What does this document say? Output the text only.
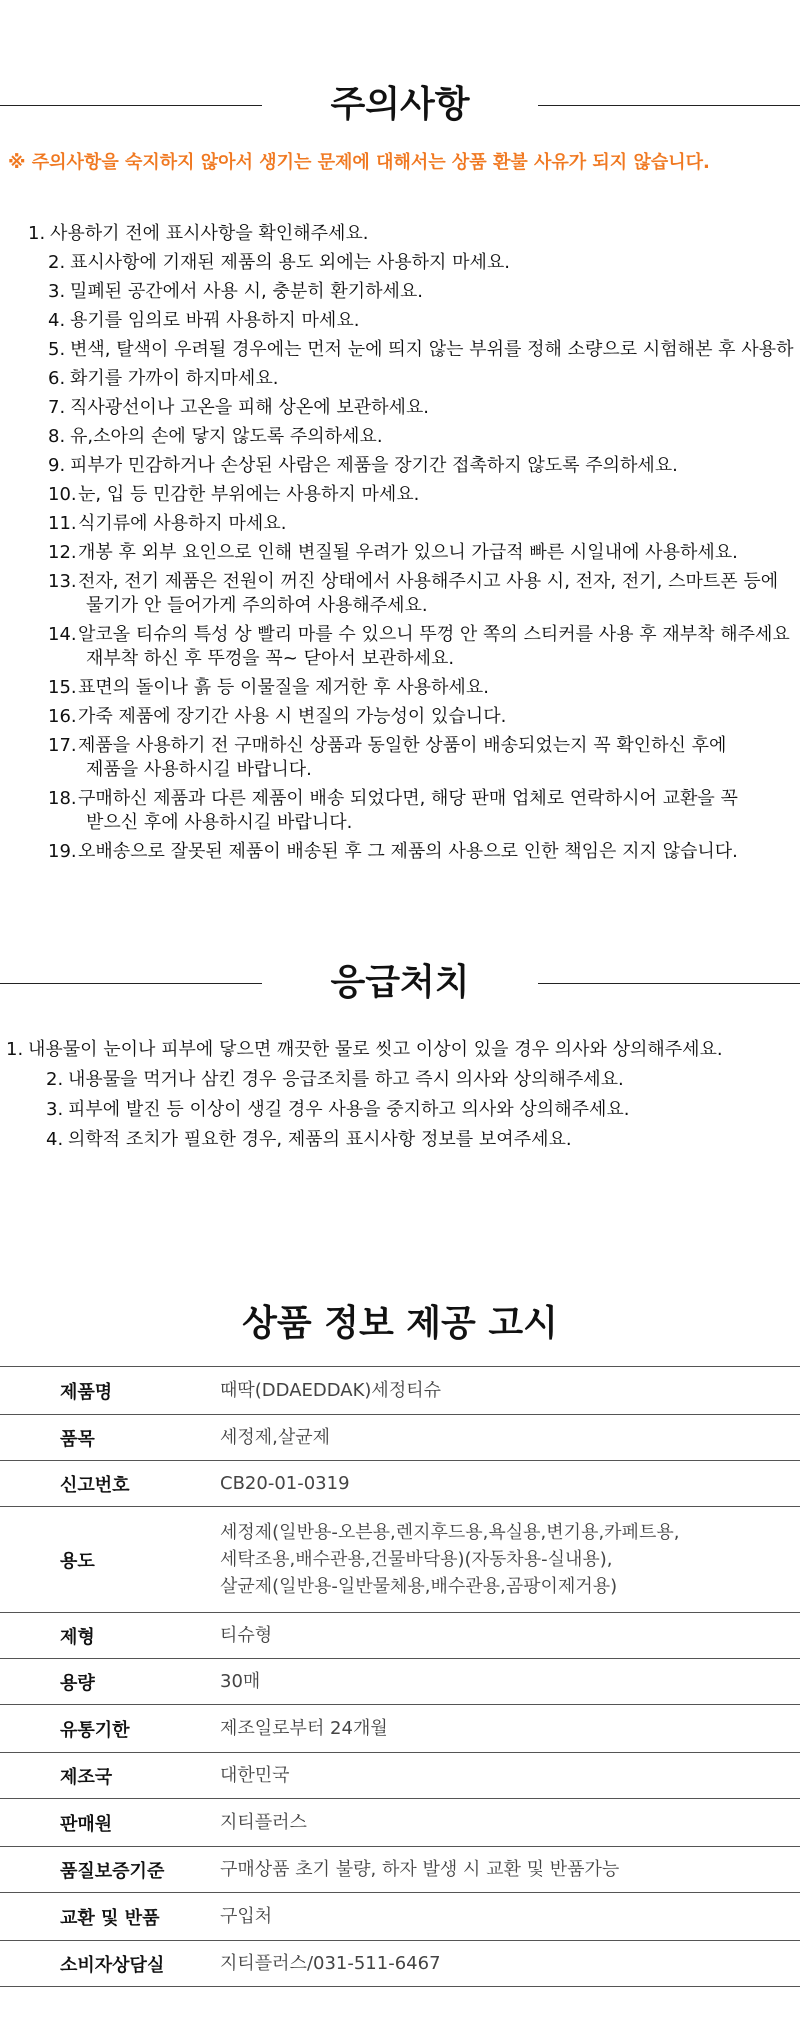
주의사항
※ 주의사항을 숙지하지 않아서 생기는 문제에 대해서는 상품 환불 사유가 되지 않습니다.
1. 사용하기 전에 표시사항을 확인해주세요.
2. 표시사항에 기재된 제품의 용도 외에는 사용하지 마세요.
3. 밀폐된 공간에서 사용 시, 충분히 환기하세요.
4. 용기를 임의로 바꿔 사용하지 마세요.
5. 변색, 탈색이 우려될 경우에는 먼저 눈에 띄지 않는 부위를 정해 소량으로 시험해본 후 사용하
6. 화기를 가까이 하지마세요.
7. 직사광선이나 고온을 피해 상온에 보관하세요.
8. 유,소아의 손에 닿지 않도록 주의하세요.
9. 피부가 민감하거나 손상된 사람은 제품을 장기간 접촉하지 않도록 주의하세요.
10. 눈, 입 등 민감한 부위에는 사용하지 마세요.
11. 식기류에 사용하지 마세요.
12. 개봉 후 외부 요인으로 인해 변질될 우려가 있으니 가급적 빠른 시일내에 사용하세요.
13. 전자, 전기 제품은 전원이 꺼진 상태에서 사용해주시고 사용 시, 전자, 전기, 스마트폰 등에
물기가 안 들어가게 주의하여 사용해주세요.
14. 알코올 티슈의 특성 상 빨리 마를 수 있으니 뚜껑 안 쪽의 스티커를 사용 후 재부착 해주세요
재부착 하신 후 뚜껑을 꼭~ 닫아서 보관하세요.
15. 표면의 돌이나 흙 등 이물질을 제거한 후 사용하세요.
16. 가죽 제품에 장기간 사용 시 변질의 가능성이 있습니다.
17. 제품을 사용하기 전 구매하신 상품과 동일한 상품이 배송되었는지 꼭 확인하신 후에
제품을 사용하시길 바랍니다.
18. 구매하신 제품과 다른 제품이 배송 되었다면, 해당 판매 업체로 연락하시어 교환을 꼭
받으신 후에 사용하시길 바랍니다.
19. 오배송으로 잘못된 제품이 배송된 후 그 제품의 사용으로 인한 책임은 지지 않습니다.
응급처치
1. 내용물이 눈이나 피부에 닿으면 깨끗한 물로 씻고 이상이 있을 경우 의사와 상의해주세요.
2. 내용물을 먹거나 삼킨 경우 응급조치를 하고 즉시 의사와 상의해주세요.
3. 피부에 발진 등 이상이 생길 경우 사용을 중지하고 의사와 상의해주세요.
4. 의학적 조치가 필요한 경우, 제품의 표시사항 정보를 보여주세요.
상품 정보 제공 고시
제품명	때딱(DDAEDDAK)세정티슈
품목	세정제,살균제
신고번호	CB20-01-0319
용도	세정제(일반용-오븐용,렌지후드용,욕실용,변기용,카페트용,
세탁조용,배수관용,건물바닥용)(자동차용-실내용),
살균제(일반용-일반물체용,배수관용,곰팡이제거용)

제형	티슈형
용량	30매
유통기한	제조일로부터 24개월
제조국	대한민국
판매원	지티플러스
품질보증기준	구매상품 초기 불량, 하자 발생 시 교환 및 반품가능
교환 및 반품	구입처
소비자상담실	지티플러스/031-511-6467
